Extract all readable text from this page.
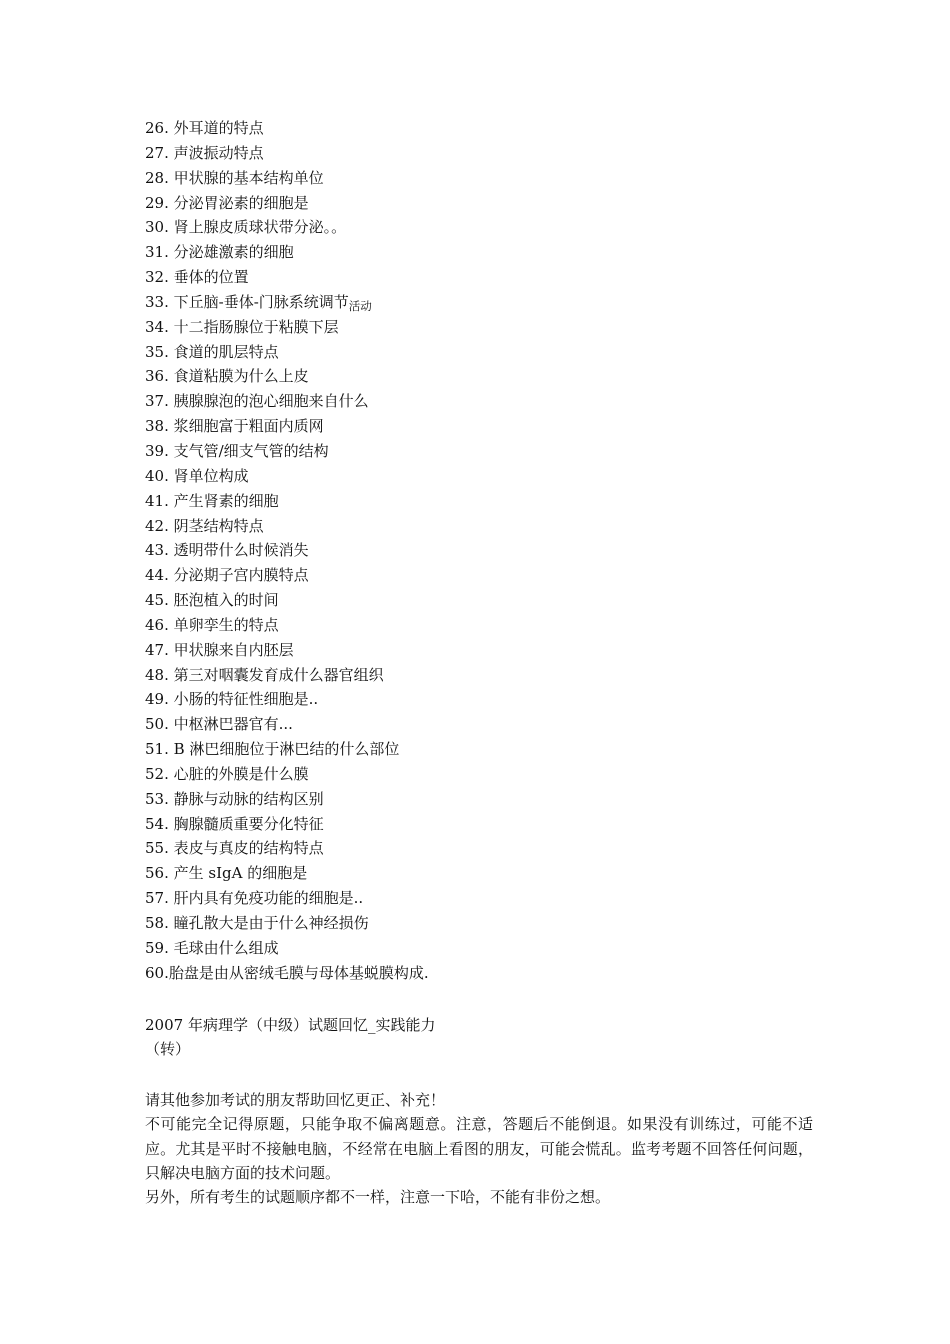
26. 外耳道的特点
27. 声波振动特点
28. 甲状腺的基本结构单位
29. 分泌胃泌素的细胞是
30. 肾上腺皮质球状带分泌。。
31. 分泌雄激素的细胞
32. 垂体的位置
33. 下丘脑-垂体-门脉系统调节$_{活动}$
34. 十二指肠腺位于粘膜下层
35. 食道的肌层特点
36. 食道粘膜为什么上皮
37. 胰腺腺泡的泡心细胞来自什么
38. 浆细胞富于粗面内质网
39. 支气管/细支气管的结构
40. 肾单位构成
41. 产生肾素的细胞
42. 阴茎结构特点
43. 透明带什么时候消失
44. 分泌期子宫内膜特点
45. 胚泡植入的时间
46. 单卵孪生的特点
47. 甲状腺来自内胚层
48. 第三对咽囊发育成什么器官组织
49. 小肠的特征性细胞是..
50. 中枢淋巴器官有...
51. B 淋巴细胞位于淋巴结的什么部位
52. 心脏的外膜是什么膜
53. 静脉与动脉的结构区别
54. 胸腺髓质重要分化特征
55. 表皮与真皮的结构特点
56. 产生 sIgA 的细胞是
57. 肝内具有免疫功能的细胞是..
58. 瞳孔散大是由于什么神经损伤
59. 毛球由什么组成
60.胎盘是由从密绒毛膜与母体基蜕膜构成.
2007 年病理学（中级）试题回忆_实践能力
（转）

请其他参加考试的朋友帮助回忆更正、补充！

不可能完全记得原题，只能争取不偏离题意。注意，答题后不能倒退。如果没有训练过，可能不适应。尤其是平时不接触电脑，不经常在电脑上看图的朋友，可能会慌乱。监考考题不回答任何问题，只解决电脑方面的技术问题。

另外，所有考生的试题顺序都不一样，注意一下哈，不能有非份之想。
